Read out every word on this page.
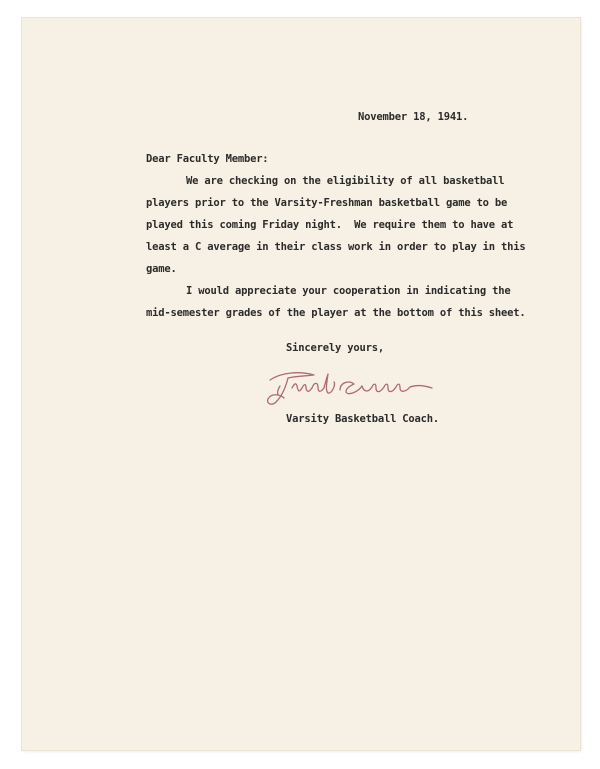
November 18, 1941.
Dear Faculty Member:
We are checking on the eligibility of all basketball
players prior to the Varsity-Freshman basketball game to be
played this coming Friday night.  We require them to have at
least a C average in their class work in order to play in this
game.
I would appreciate your cooperation in indicating the
mid-semester grades of the player at the bottom of this sheet.
Sincerely yours,
Varsity Basketball Coach.
